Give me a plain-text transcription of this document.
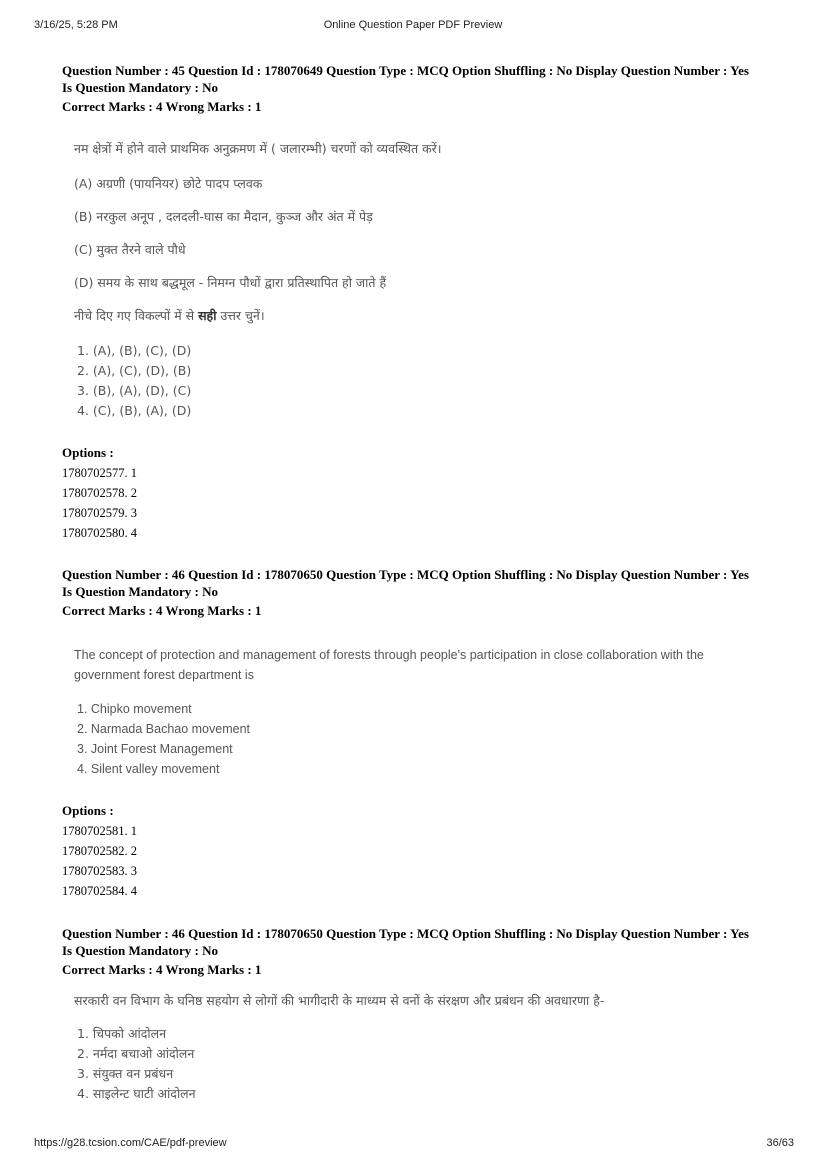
3/16/25, 5:28 PM	Online Question Paper PDF Preview
Question Number : 45 Question Id : 178070649 Question Type : MCQ Option Shuffling : No Display Question Number : Yes
Is Question Mandatory : No
Correct Marks : 4 Wrong Marks : 1
नम क्षेत्रों में होने वाले प्राथमिक अनुक्रमण में ( जलारम्भी) चरणों को व्यवस्थित करें।
(A) अग्रणी (पायनियर) छोटे पादप प्लवक
(B) नरकुल अनूप , दलदली-घास का मैदान, कुञ्ज और अंत में पेड़
(C) मुक्त तैरने वाले पौधे
(D) समय के साथ बद्धमूल - निमग्न पौधों द्वारा प्रतिस्थापित हो जाते हैं
नीचे दिए गए विकल्पों में से सही उत्तर चुनें।
1. (A), (B), (C), (D)
2. (A), (C), (D), (B)
3. (B), (A), (D), (C)
4. (C), (B), (A), (D)
Options :
1780702577. 1
1780702578. 2
1780702579. 3
1780702580. 4
Question Number : 46 Question Id : 178070650 Question Type : MCQ Option Shuffling : No Display Question Number : Yes
Is Question Mandatory : No
Correct Marks : 4 Wrong Marks : 1
The concept of protection and management of forests through people's participation in close collaboration with the
government forest department is
1. Chipko movement
2. Narmada Bachao movement
3. Joint Forest Management
4. Silent valley movement
Options :
1780702581. 1
1780702582. 2
1780702583. 3
1780702584. 4
Question Number : 46 Question Id : 178070650 Question Type : MCQ Option Shuffling : No Display Question Number : Yes
Is Question Mandatory : No
Correct Marks : 4 Wrong Marks : 1
सरकारी वन विभाग के घनिष्ठ सहयोग से लोगों की भागीदारी के माध्यम से वनों के संरक्षण और प्रबंधन की अवधारणा है-
1. चिपको आंदोलन
2. नर्मदा बचाओ आंदोलन
3. संयुक्त वन प्रबंधन
4. साइलेन्ट घाटी आंदोलन
https://g28.tcsion.com/CAE/pdf-preview	36/63
